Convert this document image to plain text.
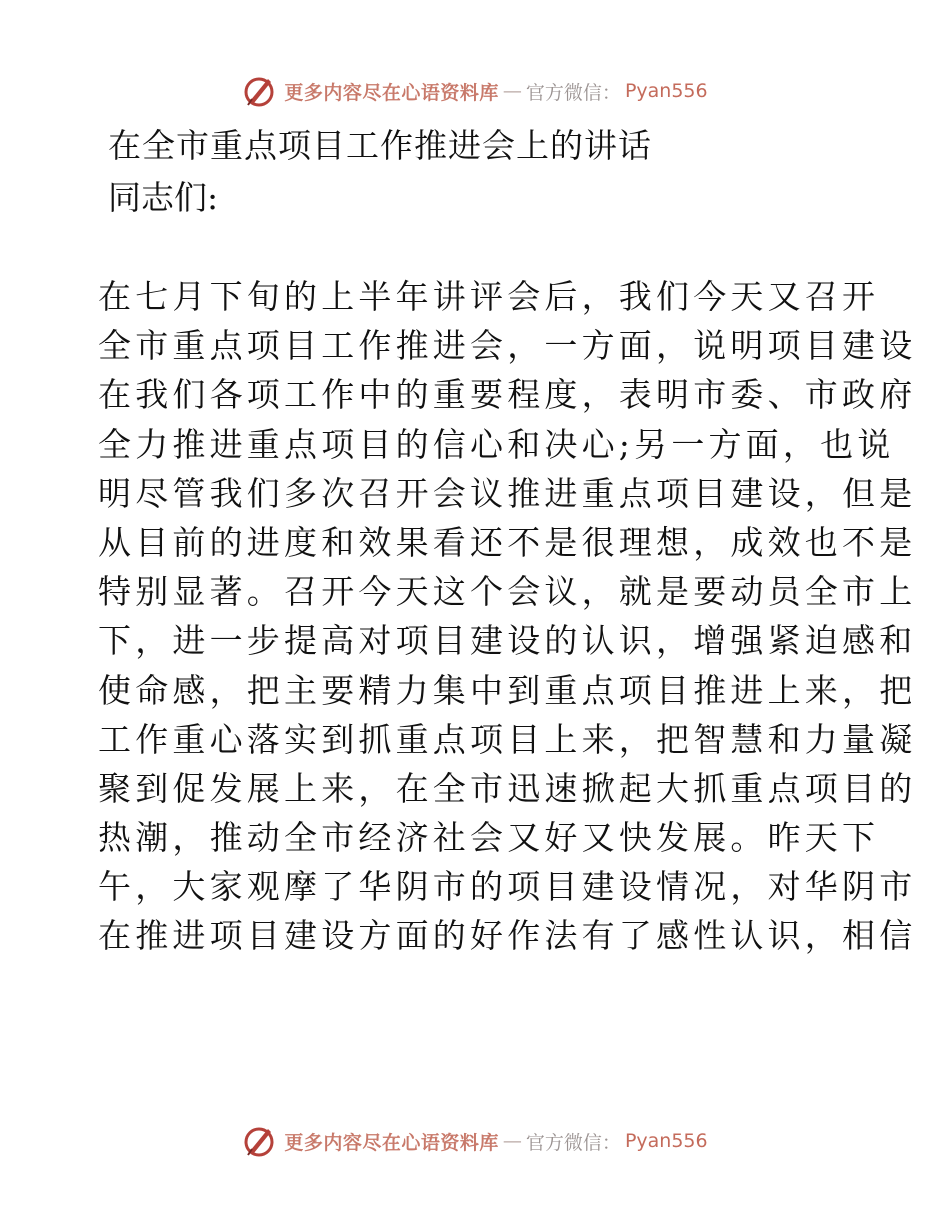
更多内容尽在心语资料库 — 官方微信： Pyan556
在全市重点项目工作推进会上的讲话
同志们:
在七月下旬的上半年讲评会后，我们今天又召开
全市重点项目工作推进会，一方面，说明项目建设
在我们各项工作中的重要程度，表明市委、市政府
全力推进重点项目的信心和决心;另一方面，也说
明尽管我们多次召开会议推进重点项目建设，但是
从目前的进度和效果看还不是很理想，成效也不是
特别显著。召开今天这个会议，就是要动员全市上
下，进一步提高对项目建设的认识，增强紧迫感和
使命感，把主要精力集中到重点项目推进上来，把
工作重心落实到抓重点项目上来，把智慧和力量凝
聚到促发展上来，在全市迅速掀起大抓重点项目的
热潮，推动全市经济社会又好又快发展。昨天下
午，大家观摩了华阴市的项目建设情况，对华阴市
在推进项目建设方面的好作法有了感性认识，相信
更多内容尽在心语资料库 — 官方微信： Pyan556
